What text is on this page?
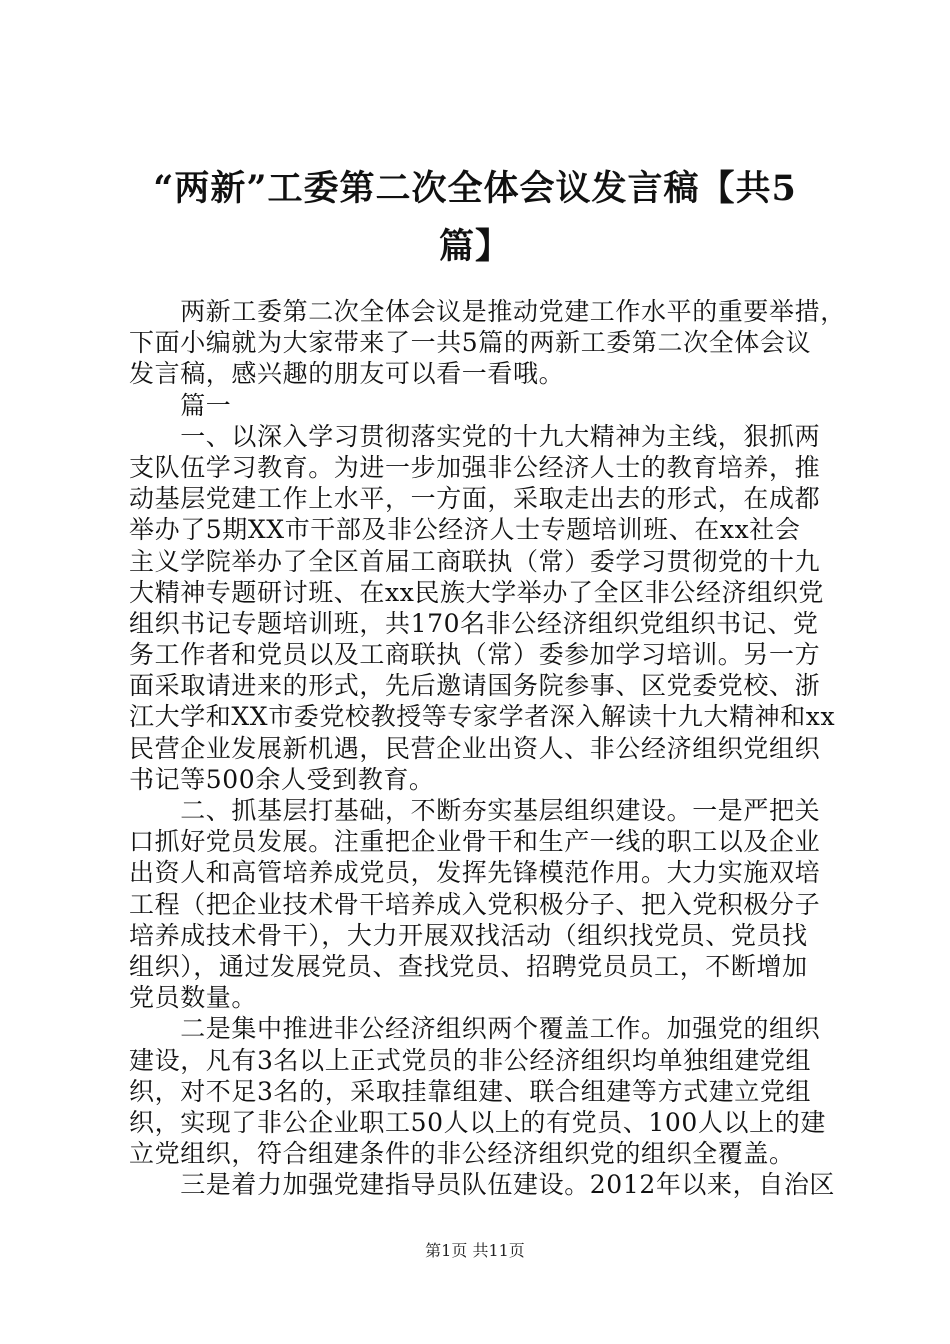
“两新”工委第二次全体会议发言稿【共5
篇】
　　两新工委第二次全体会议是推动党建工作水平的重要举措，
下面小编就为大家带来了一共5篇的两新工委第二次全体会议
发言稿，感兴趣的朋友可以看一看哦。
　　篇一
　　一、以深入学习贯彻落实党的十九大精神为主线，狠抓两
支队伍学习教育。为进一步加强非公经济人士的教育培养，推
动基层党建工作上水平，一方面，采取走出去的形式，在成都
举办了5期XX市干部及非公经济人士专题培训班、在xx社会
主义学院举办了全区首届工商联执（常）委学习贯彻党的十九
大精神专题研讨班、在xx民族大学举办了全区非公经济组织党
组织书记专题培训班，共170名非公经济组织党组织书记、党
务工作者和党员以及工商联执（常）委参加学习培训。另一方
面采取请进来的形式，先后邀请国务院参事、区党委党校、浙
江大学和XX市委党校教授等专家学者深入解读十九大精神和xx
民营企业发展新机遇，民营企业出资人、非公经济组织党组织
书记等500余人受到教育。
　　二、抓基层打基础，不断夯实基层组织建设。一是严把关
口抓好党员发展。注重把企业骨干和生产一线的职工以及企业
出资人和高管培养成党员，发挥先锋模范作用。大力实施双培
工程（把企业技术骨干培养成入党积极分子、把入党积极分子
培养成技术骨干），大力开展双找活动（组织找党员、党员找
组织），通过发展党员、查找党员、招聘党员员工，不断增加
党员数量。
　　二是集中推进非公经济组织两个覆盖工作。加强党的组织
建设，凡有3名以上正式党员的非公经济组织均单独组建党组
织，对不足3名的，采取挂靠组建、联合组建等方式建立党组
织，实现了非公企业职工50人以上的有党员、100人以上的建
立党组织，符合组建条件的非公经济组织党的组织全覆盖。
　　三是着力加强党建指导员队伍建设。2012年以来，自治区
第1页 共11页
